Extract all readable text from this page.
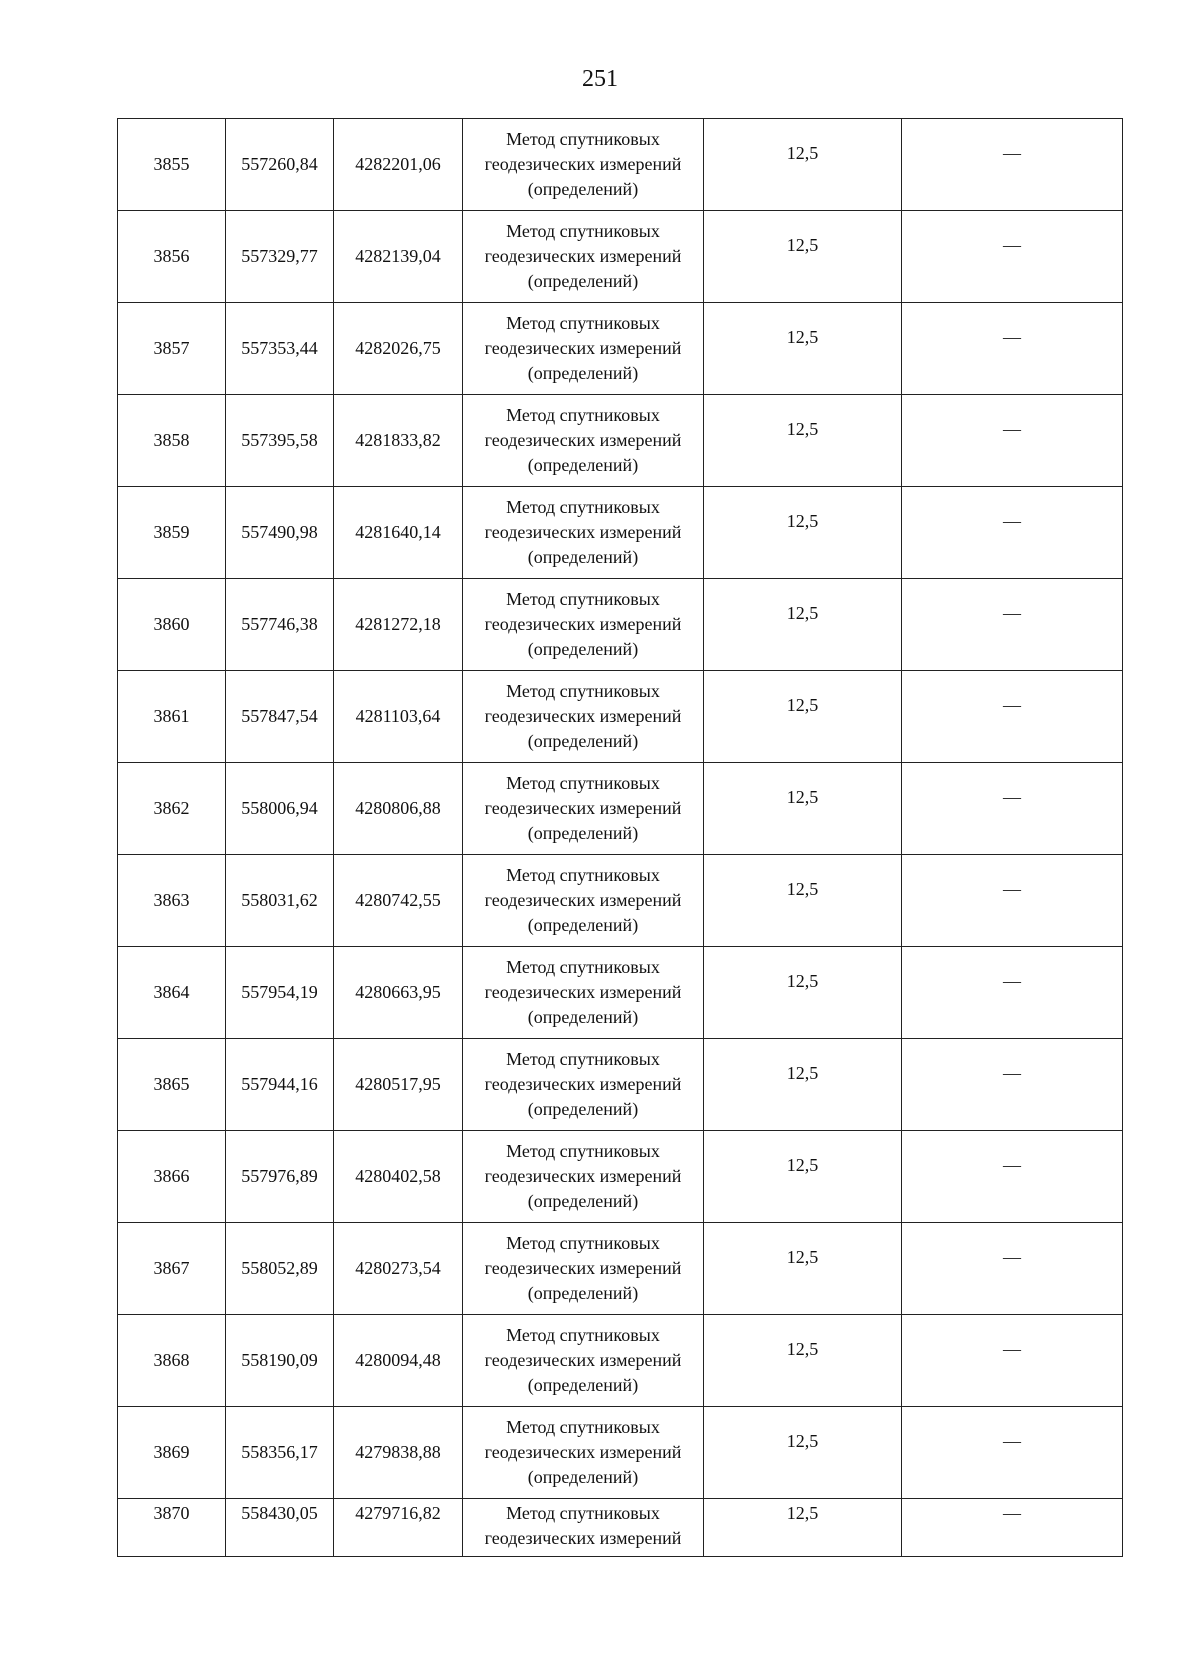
251
3855	557260,84	4282201,06	Метод спутниковых
геодезических измерений
(определений)	12,5	—
3856	557329,77	4282139,04	Метод спутниковых
геодезических измерений
(определений)	12,5	—
3857	557353,44	4282026,75	Метод спутниковых
геодезических измерений
(определений)	12,5	—
3858	557395,58	4281833,82	Метод спутниковых
геодезических измерений
(определений)	12,5	—
3859	557490,98	4281640,14	Метод спутниковых
геодезических измерений
(определений)	12,5	—
3860	557746,38	4281272,18	Метод спутниковых
геодезических измерений
(определений)	12,5	—
3861	557847,54	4281103,64	Метод спутниковых
геодезических измерений
(определений)	12,5	—
3862	558006,94	4280806,88	Метод спутниковых
геодезических измерений
(определений)	12,5	—
3863	558031,62	4280742,55	Метод спутниковых
геодезических измерений
(определений)	12,5	—
3864	557954,19	4280663,95	Метод спутниковых
геодезических измерений
(определений)	12,5	—
3865	557944,16	4280517,95	Метод спутниковых
геодезических измерений
(определений)	12,5	—
3866	557976,89	4280402,58	Метод спутниковых
геодезических измерений
(определений)	12,5	—
3867	558052,89	4280273,54	Метод спутниковых
геодезических измерений
(определений)	12,5	—
3868	558190,09	4280094,48	Метод спутниковых
геодезических измерений
(определений)	12,5	—
3869	558356,17	4279838,88	Метод спутниковых
геодезических измерений
(определений)	12,5	—
3870	558430,05	4279716,82	Метод спутниковых
геодезических измерений	12,5	—
